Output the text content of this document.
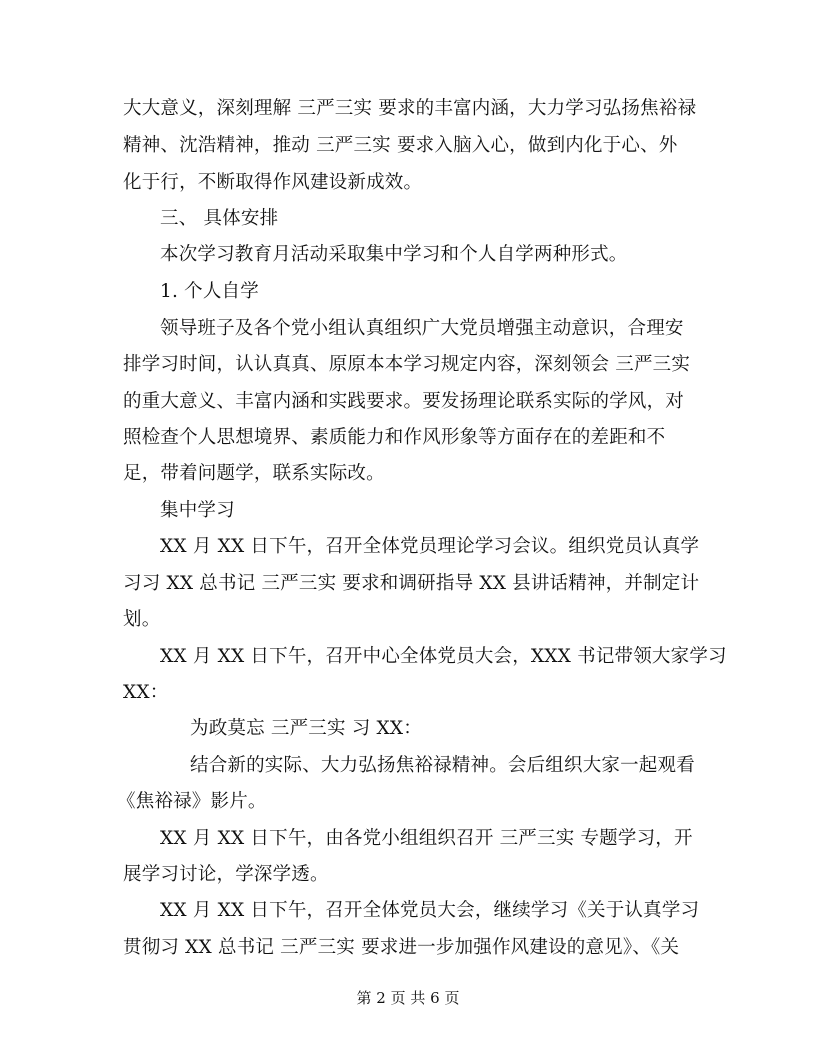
大大意义，深刻理解 三严三实 要求的丰富内涵，大力学习弘扬焦裕禄
精神、沈浩精神，推动 三严三实 要求入脑入心，做到内化于心、外
化于行，不断取得作风建设新成效。
三、 具体安排
本次学习教育月活动采取集中学习和个人自学两种形式。
1. 个人自学
领导班子及各个党小组认真组织广大党员增强主动意识，合理安
排学习时间，认认真真、原原本本学习规定内容，深刻领会 三严三实
的重大意义、丰富内涵和实践要求。要发扬理论联系实际的学风，对
照检查个人思想境界、素质能力和作风形象等方面存在的差距和不
足，带着问题学，联系实际改。
集中学习
XX 月 XX 日下午，召开全体党员理论学习会议。组织党员认真学
习习 XX 总书记 三严三实 要求和调研指导 XX 县讲话精神，并制定计
划。
XX 月 XX 日下午，召开中心全体党员大会，XXX 书记带领大家学习
XX：
为政莫忘 三严三实 习 XX：
结合新的实际、大力弘扬焦裕禄精神。会后组织大家一起观看
《焦裕禄》影片。
XX 月 XX 日下午，由各党小组组织召开 三严三实 专题学习，开
展学习讨论，学深学透。
XX 月 XX 日下午，召开全体党员大会，继续学习《关于认真学习
贯彻习 XX 总书记 三严三实 要求进一步加强作风建设的意见》、《关
第 2 页 共 6 页
